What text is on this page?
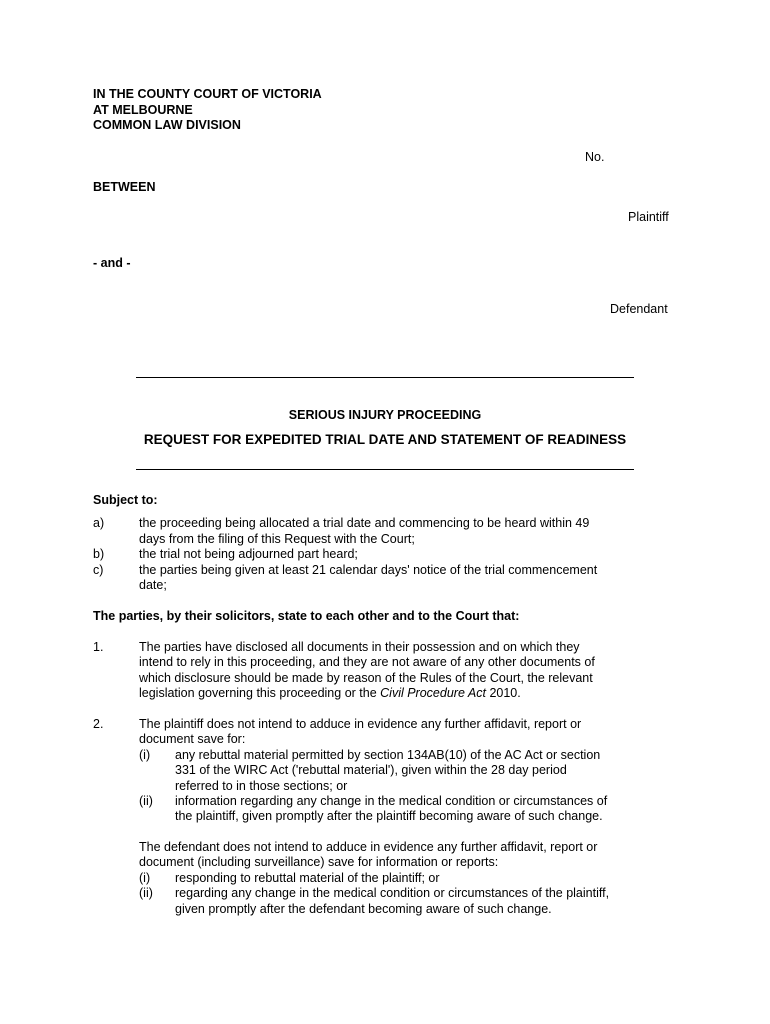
IN THE COUNTY COURT OF VICTORIA
AT MELBOURNE
COMMON LAW DIVISION
No.
BETWEEN
Plaintiff
- and -
Defendant
SERIOUS INJURY PROCEEDING
REQUEST FOR EXPEDITED TRIAL DATE AND STATEMENT OF READINESS
Subject to:
a)	the proceeding being allocated a trial date and commencing to be heard within 49
days from the filing of this Request with the Court;
b)	the trial not being adjourned part heard;
c)	the parties being given at least 21 calendar days' notice of the trial commencement
date;
The parties, by their solicitors, state to each other and to the Court that:
1.	The parties have disclosed all documents in their possession and on which they
intend to rely in this proceeding, and they are not aware of any other documents of
which disclosure should be made by reason of the Rules of the Court, the relevant
legislation governing this proceeding or the Civil Procedure Act 2010.
2.	The plaintiff does not intend to adduce in evidence any further affidavit, report or
document save for:
(i) any rebuttal material permitted by section 134AB(10) of the AC Act or section
331 of the WIRC Act ('rebuttal material'), given within the 28 day period
referred to in those sections; or
(ii) information regarding any change in the medical condition or circumstances of
the plaintiff, given promptly after the plaintiff becoming aware of such change.
The defendant does not intend to adduce in evidence any further affidavit, report or
document (including surveillance) save for information or reports:
(i) responding to rebuttal material of the plaintiff; or
(ii) regarding any change in the medical condition or circumstances of the plaintiff,
given promptly after the defendant becoming aware of such change.
